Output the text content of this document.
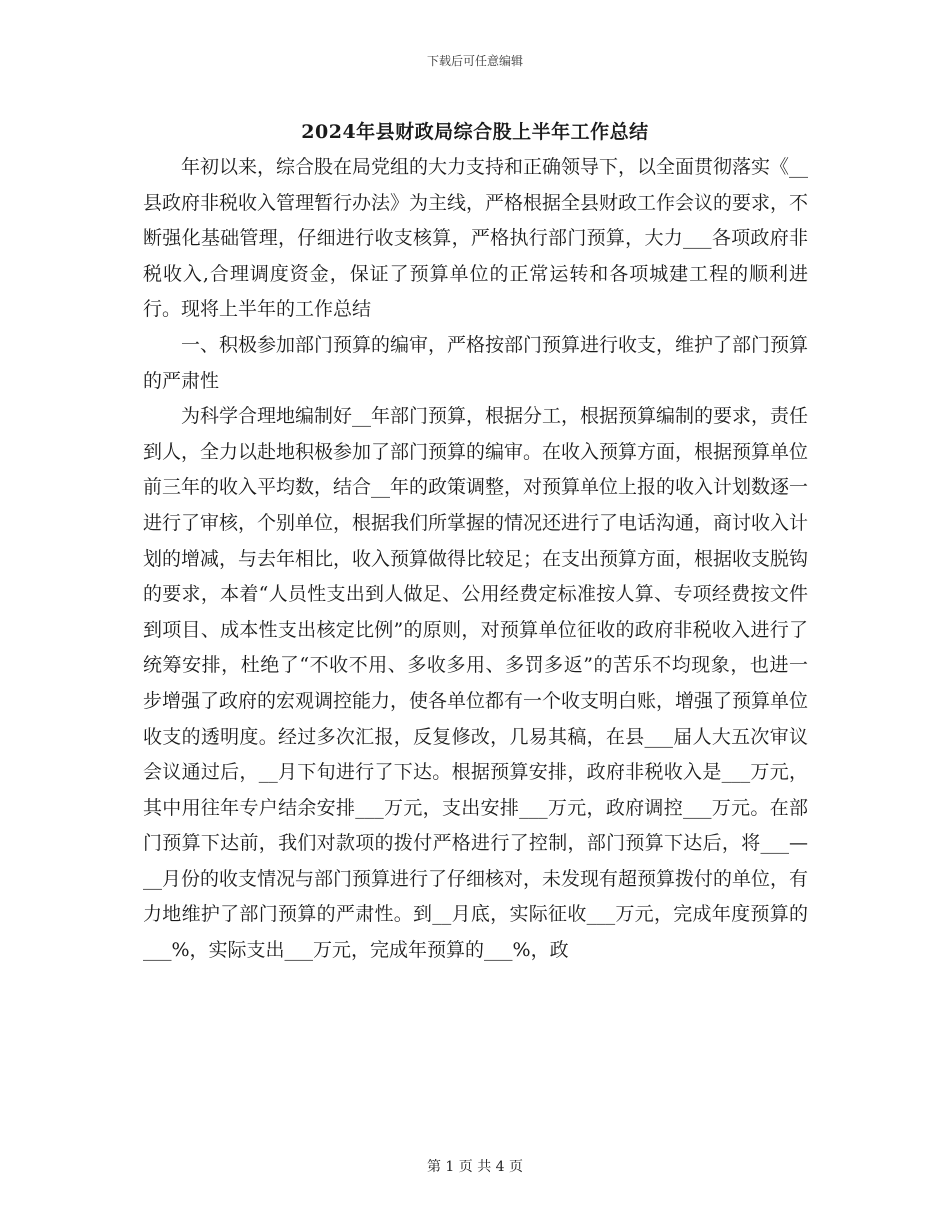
下载后可任意编辑
2024年县财政局综合股上半年工作总结

年初以来，综合股在局党组的大力支持和正确领导下，以全面贯彻落实《__县政府非税收入管理暂行办法》为主线，严格根据全县财政工作会议的要求，不断强化基础管理，仔细进行收支核算，严格执行部门预算，大力___各项政府非税收入,合理调度资金，保证了预算单位的正常运转和各项城建工程的顺利进行。现将上半年的工作总结

一、积极参加部门预算的编审，严格按部门预算进行收支，维护了部门预算的严肃性

为科学合理地编制好__年部门预算，根据分工，根据预算编制的要求，责任到人，全力以赴地积极参加了部门预算的编审。在收入预算方面，根据预算单位前三年的收入平均数，结合__年的政策调整，对预算单位上报的收入计划数逐一进行了审核，个别单位，根据我们所掌握的情况还进行了电话沟通，商讨收入计划的增减，与去年相比，收入预算做得比较足；在支出预算方面，根据收支脱钩的要求，本着“人员性支出到人做足、公用经费定标准按人算、专项经费按文件到项目、成本性支出核定比例”的原则，对预算单位征收的政府非税收入进行了统筹安排，杜绝了“不收不用、多收多用、多罚多返”的苦乐不均现象，也进一步增强了政府的宏观调控能力，使各单位都有一个收支明白账，增强了预算单位收支的透明度。经过多次汇报，反复修改，几易其稿，在县___届人大五次审议会议通过后，__月下旬进行了下达。根据预算安排，政府非税收入是___万元，其中用往年专户结余安排___万元，支出安排___万元，政府调控___万元。在部门预算下达前，我们对款项的拨付严格进行了控制，部门预算下达后，将___—__月份的收支情况与部门预算进行了仔细核对，未发现有超预算拨付的单位，有力地维护了部门预算的严肃性。到__月底，实际征收___万元，完成年度预算的___%，实际支出___万元，完成年预算的___%，政

第 1 页 共 4 页
